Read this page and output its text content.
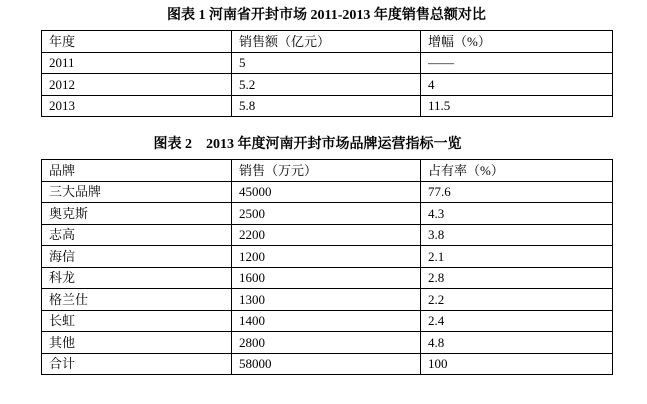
图表 1 河南省开封市场 2011-2013 年度销售总额对比
年度	销售额（亿元）	增幅（%）
2011	5	——
2012	5.2	4
2013	5.8	11.5
图表 2　2013 年度河南开封市场品牌运营指标一览
品牌	销售（万元）	占有率（%）
三大品牌	45000	77.6
奥克斯	2500	4.3
志高	2200	3.8
海信	1200	2.1
科龙	1600	2.8
格兰仕	1300	2.2
长虹	1400	2.4
其他	2800	4.8
合计	58000	100
